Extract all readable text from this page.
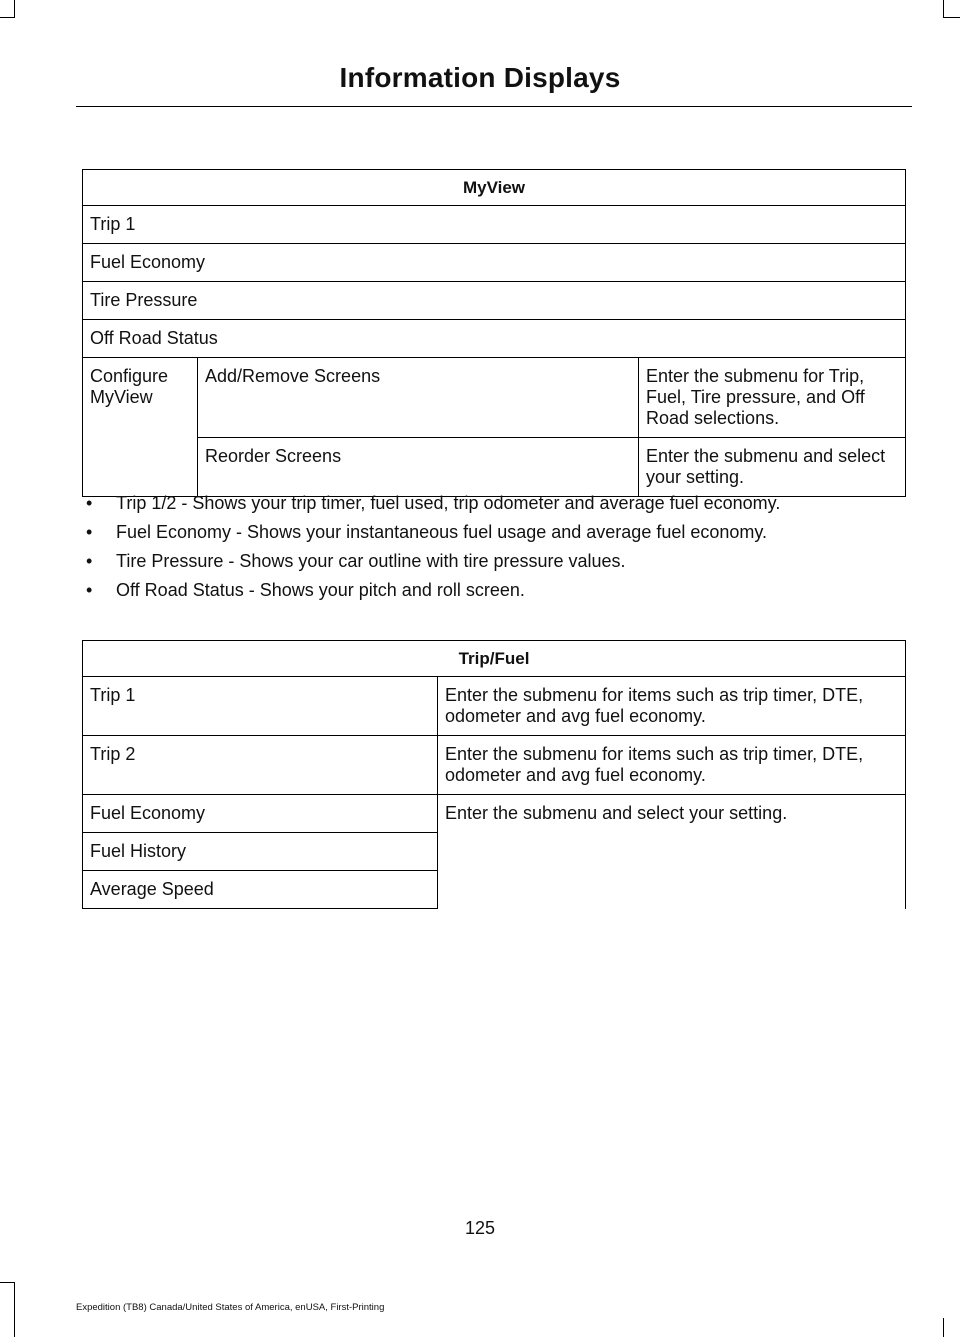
Information Displays
MyView		
Trip 1		
Fuel Economy		
Tire Pressure		
Off Road Status		
Configure MyView	Add/Remove Screens	Enter the submenu for Trip, Fuel, Tire pressure, and Off Road selections.
	Reorder Screens	Enter the submenu and select your setting.
• Trip 1/2 - Shows your trip timer, fuel used, trip odometer and average fuel economy.
• Fuel Economy - Shows your instantaneous fuel usage and average fuel economy.
• Tire Pressure - Shows your car outline with tire pressure values.
• Off Road Status - Shows your pitch and roll screen.
Trip/Fuel	
Trip 1	Enter the submenu for items such as trip timer, DTE, odometer and avg fuel economy.
Trip 2	Enter the submenu for items such as trip timer, DTE, odometer and avg fuel economy.
Fuel Economy	Enter the submenu and select your setting.
Fuel History	
Average Speed	
125
Expedition (TB8) Canada/United States of America, enUSA, First-Printing
